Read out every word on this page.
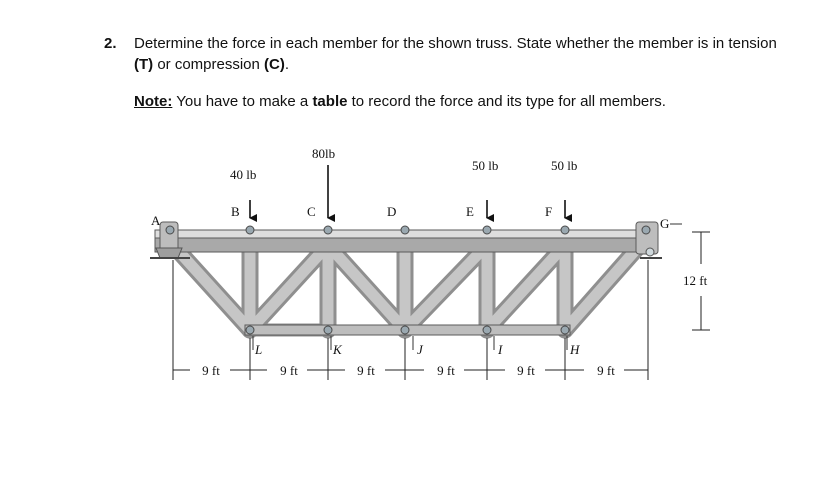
2. Determine the force in each member for the shown truss. State whether the member is in tension (T) or compression (C).
Note: You have to make a table to record the force and its type for all members.
40 lb
80lb
50 lb	50 lb
A
B	C	D	E	F
G
L	K	J	I	H
9 ft	9 ft	9 ft	9 ft	9 ft	9 ft
12 ft
